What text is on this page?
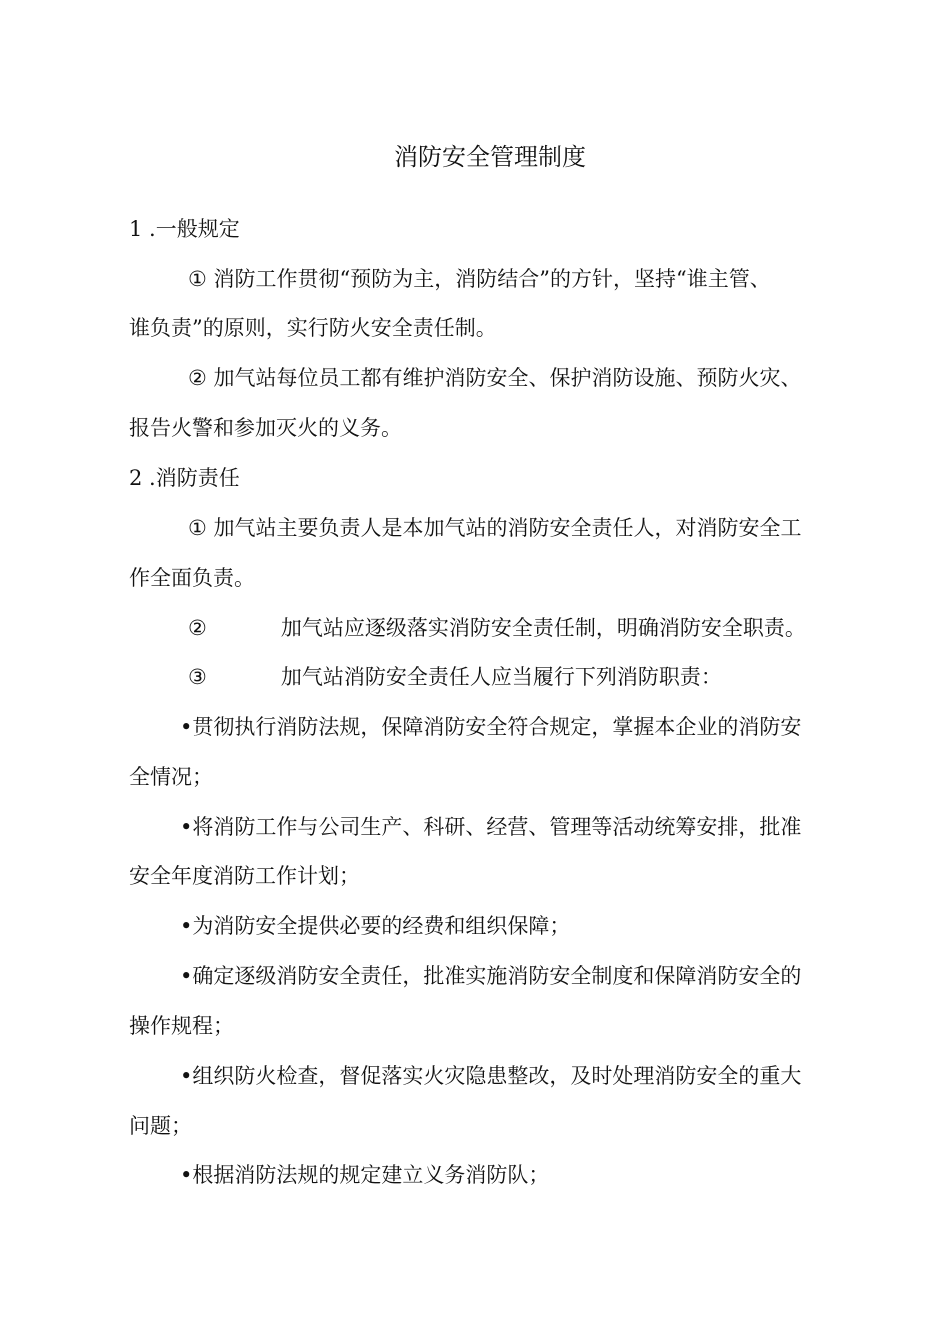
消防安全管理制度
1 .一般规定
① 消防工作贯彻“预防为主，消防结合”的方针，坚持“谁主管、
谁负责”的原则，实行防火安全责任制。
② 加气站每位员工都有维护消防安全、保护消防设施、预防火灾、
报告火警和参加灭火的义务。
2 .消防责任
① 加气站主要负责人是本加气站的消防安全责任人，对消防安全工
作全面负责。
②	加气站应逐级落实消防安全责任制，明确消防安全职责。
③	加气站消防安全责任人应当履行下列消防职责：
•贯彻执行消防法规，保障消防安全符合规定，掌握本企业的消防安
全情况；
•将消防工作与公司生产、科研、经营、管理等活动统筹安排，批准
安全年度消防工作计划；
•为消防安全提供必要的经费和组织保障；
•确定逐级消防安全责任，批准实施消防安全制度和保障消防安全的
操作规程；
•组织防火检查，督促落实火灾隐患整改，及时处理消防安全的重大
问题；
•根据消防法规的规定建立义务消防队；
